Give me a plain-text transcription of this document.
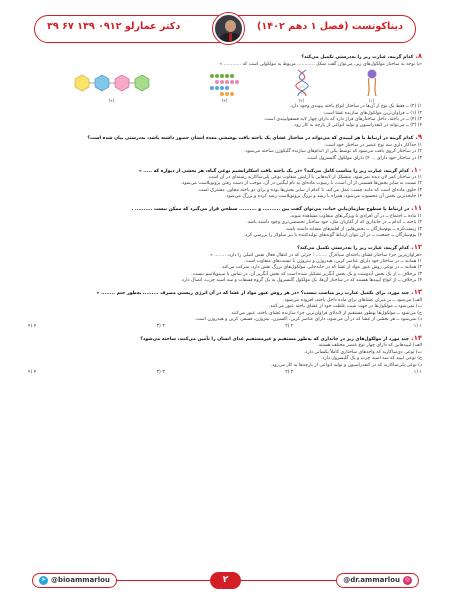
دیناکوتست (فصل ۱ دهم ۱۴۰۲)
دکتر عمارلو ۰۹۱۲ ۱۳۹ ۶۷ ۳۹
۸.کدام گزینه، عبارت زیر را به‌درستی تکمیل می‌کند؟
«با توجه به ساختار مولکول‌های زیر، می‌توان گفت شکل ............ مربوط به مولکولی است که ............ »
(۴)	(۳)	(۲)	(۱)
۱) (۲) ــ فقط یک نوع از آن‌ها در ساختار انواع یاخته پیوندی وجود دارد.
۲) (۱) ــ فراوان‌ترین مولکول‌های سازنده غشا است.
۳) (۴) ــ در یاخته، داخل ساختارهای فراز دارد که دارای چهار لایه فسفولیپیدی است.
۴) (۳) ــ می‌تواند در کنفدراسیون و تولید انواعی از پارچه به کار رود.
۹.کدام گزینه در ارتباط با هر لیپیدی که می‌تواند در ساختار غشای یک یاخته بافت پوششی معده انسان حضور داشته باشد، به‌درستی بیان شده است؟
۱) جداکار داری سه نوع عنصر در ساختار خود است.
۲) در ساختار کروی یافت می‌شود که توسط یکی از اندام‌های سازنده گلیکوژن ساخته می‌شود.
۳) در ساختار خود دارای ... ۴) دارای مولکول گلیسرول است.
۱۰.کدام گزینه، عبارت زیر را مناسب کامل می‌کند؟ «در یک یاخته بافت اسکلرانشیم نوعی گیاه، هر بخشی از دیواره که ..... »
۱) در ساختار کمر لان دیده نمی‌شود، متشکل از لایه‌هایی با آرایش متفاوت نوعی پلی‌ساکارید رشته‌ای در آن است.
۲) نسبت به سایر بخش‌ها قسمتی از آن است، با رسوب ماده‌ای به نام لیگنین در آن، موجب از دست رفتن پروتوپلاست می‌شود.
۳) حاوی ماده‌ای است که مانند چسب عمل می‌کند، تا کدام از سایر بخش‌ها بوده و برای دو یاخته مجاور، مشترک است.
۴) جایجدترین بخش آن محسوب می‌شود، همراه با رشد و بزرگ پروتوپلاست رشد کرده و بزرگ می‌شود.
۱۱.در ارتباط با سطوح سازمان‌یابی حیات، می‌توان گفت بین .......... و .......... سطحی قرار می‌گیرد که ممکن نیست .......... .
۱) ماده ــ اجتماع ــ در آن افرادی با ویژگی‌های متفاوت مشاهده شوند.
۲) یاخته ــ اندام ــ در جانداری که از آغازیان مثل، خود ساختار تخصصی‌تری وجود داشته باشد.
۳) زیست‌کره ــ بوم‌سازگان ــ بخش‌هایی از اقلیم‌های مشابه داشته باشد.
۴) بوم‌سازگان ــ جمعیت ــ در آن بتوان ارتباط گونه‌های تولیدکننده با نیز سلولار را بررسی کرد.
۱۲.کدام گزینه، عبارت زیر را به‌درستی تکمیل می‌کند؟
«فراوان‌ترین جزء ساختار غشای یاخته‌ای سیاه‌رگ ........ ؛ جزئی که در انتقال فعال نقش اصلی را دارد، ........ »
۱) همانند ــ در ساختار خود دارای عناصر کربن، هیدروژن و نیتروژن با نسبت‌های متفاوت است.
۲) همانند ــ در نوعی روش عبور مواد از غشا که در جابه‌جایی مولکول‌های بزرگ نقش دارد، شرکت می‌کند.
۳) برخلاف ــ از یک بخش آبدوست و یک بخش آبگریز تشکیل شده است که بخش آبگریز آن، در تماس با سیتوپلاسم نیست.
۴) برخلاف ــ از انواع لیپیدها هستند که در ساختار آن‌ها، یک مولکول گلیسرول به یک گروه فسفات و سه اسید چرب، اتصال دارد.
۱۳.چند مورد، برای تکمیل عبارت زیر مناسب نیست؟ «در هر روش عبور مواد از غشا که در آن انرژی زیستی مصرف ........، به‌طور حتم ........ »
الف) می‌شود ــ بر میزان غشاهای برای ماده داخل یاخته، افزوده می‌شود.
ب) نمی‌شود ــ مولکول‌ها در جهت شیب غلظت خود از غشای یاخته عبور می‌کنند.
ج) می‌شود ــ مولکول‌ها بهطور مستقیم از لابه‌لای فراوان‌ترین جزء سازنده غشای یاخته، عبور می‌کنند.
د) نمی‌شود ــ هر بخشی از غشا که در آن می‌شود، دارای عناصر کربن، اکسیژن، نیتروژن، فسفر، کربن و هیدروژن است.
۴) ۴	۳) ۳	۲) ۲	۱) ۱
۱۴.چند مورد از مولکول‌های زیر در جانداری که به‌طور مستقیم و غیرمستقیم غذای انسان را تأمین می‌کنند، ساخته می‌شود؟
الف) لیپیدهایی که دارای چهار نوع عنصر مختلف هستند.
ب) نوعی دی‌ساکارید که واحدهای ساختاری کاملاً یکسانی دارد.
ج) نوعی لیپید که سه اسید چرب و یک گلیسرول دارد.
د) نوعی پلی‌ساکارید که در کنفدراسیون و تولید انواعی از پارچه‌ها به کار می‌رود.
۴) ۴	۳) ۳	۲) ۲	۱) ۱
➤ @bioammarlou	۲	@dr.ammarlou ◎
